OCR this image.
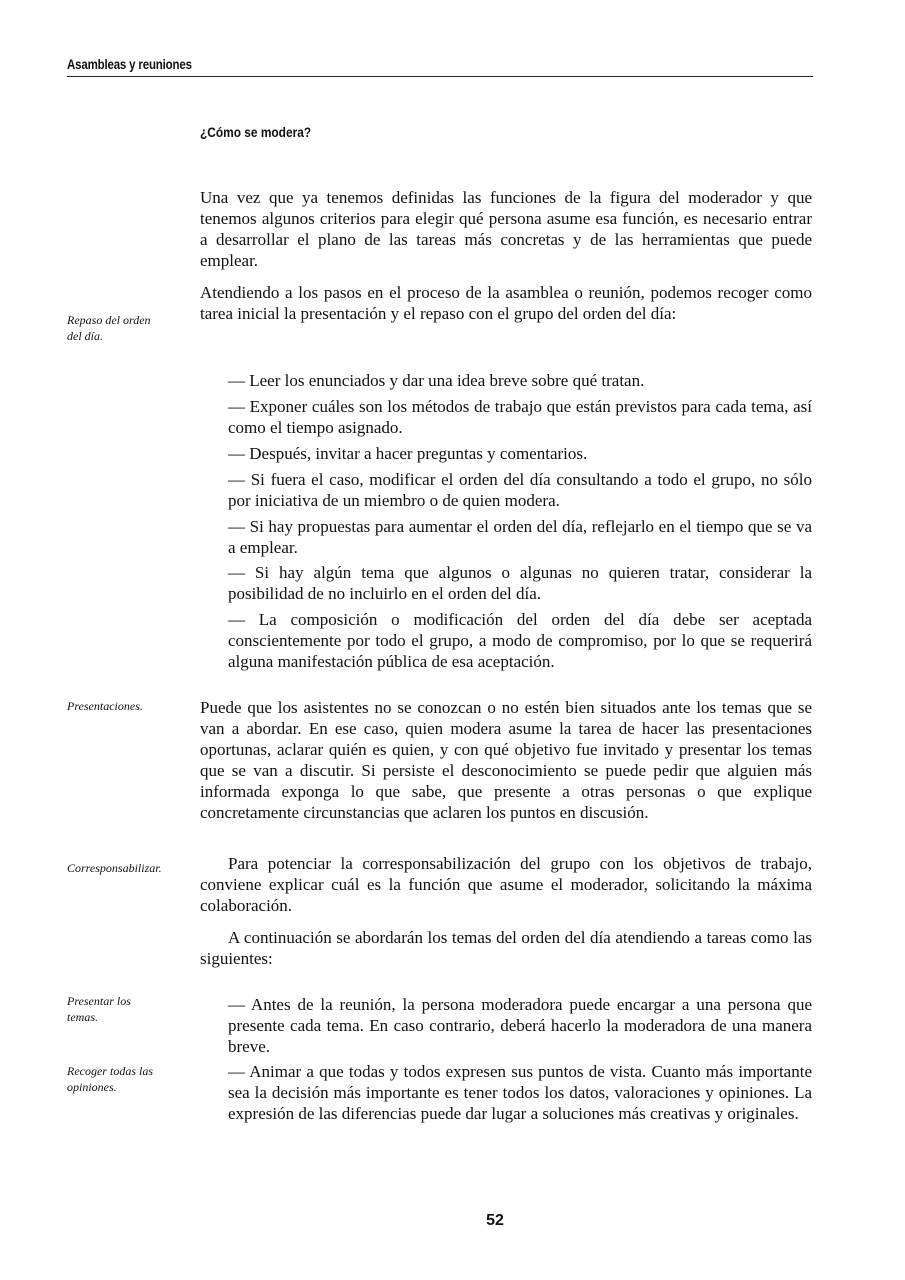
Asambleas y reuniones
¿Cómo se modera?

Una vez que ya tenemos definidas las funciones de la figura del moderador y que tenemos algunos criterios para elegir qué persona asume esa función, es necesario entrar a desarrollar el plano de las tareas más concretas y de las herramientas que puede emplear.

Atendiendo a los pasos en el proceso de la asamblea o reunión, podemos recoger como tarea inicial la presentación y el repaso con el grupo del orden del día:

Repaso del orden del día.

— Leer los enunciados y dar una idea breve sobre qué tratan.

— Exponer cuáles son los métodos de trabajo que están previstos para cada tema, así como el tiempo asignado.

— Después, invitar a hacer preguntas y comentarios.

— Si fuera el caso, modificar el orden del día consultando a todo el grupo, no sólo por iniciativa de un miembro o de quien modera.

— Si hay propuestas para aumentar el orden del día, reflejarlo en el tiempo que se va a emplear.

— Si hay algún tema que algunos o algunas no quieren tratar, considerar la posibilidad de no incluirlo en el orden del día.

— La composición o modificación del orden del día debe ser aceptada conscientemente por todo el grupo, a modo de compromiso, por lo que se requerirá alguna manifestación pública de esa aceptación.

Presentaciones.	Puede que los asistentes no se conozcan o no estén bien situados ante los temas que se van a abordar. En ese caso, quien modera asume la tarea de hacer las presentaciones oportunas, aclarar quién es quien, y con qué objetivo fue invitado y presentar los temas que se van a discutir. Si persiste el desconocimiento se puede pedir que alguien más informada exponga lo que sabe, que presente a otras personas o que explique concretamente circunstancias que aclaren los puntos en discusión.

Corresponsabilizar.	Para potenciar la corresponsabilización del grupo con los objetivos de trabajo, conviene explicar cuál es la función que asume el moderador, solicitando la máxima colaboración.

A continuación se abordarán los temas del orden del día atendiendo a tareas como las siguientes:

Presentar los temas.

— Antes de la reunión, la persona moderadora puede encargar a una persona que presente cada tema. En caso contrario, deberá hacerlo la moderadora de una manera breve.

Recoger todas las opiniones.

— Animar a que todas y todos expresen sus puntos de vista. Cuanto más importante sea la decisión más importante es tener todos los datos, valoraciones y opiniones. La expresión de las diferencias puede dar lugar a soluciones más creativas y originales.

52
